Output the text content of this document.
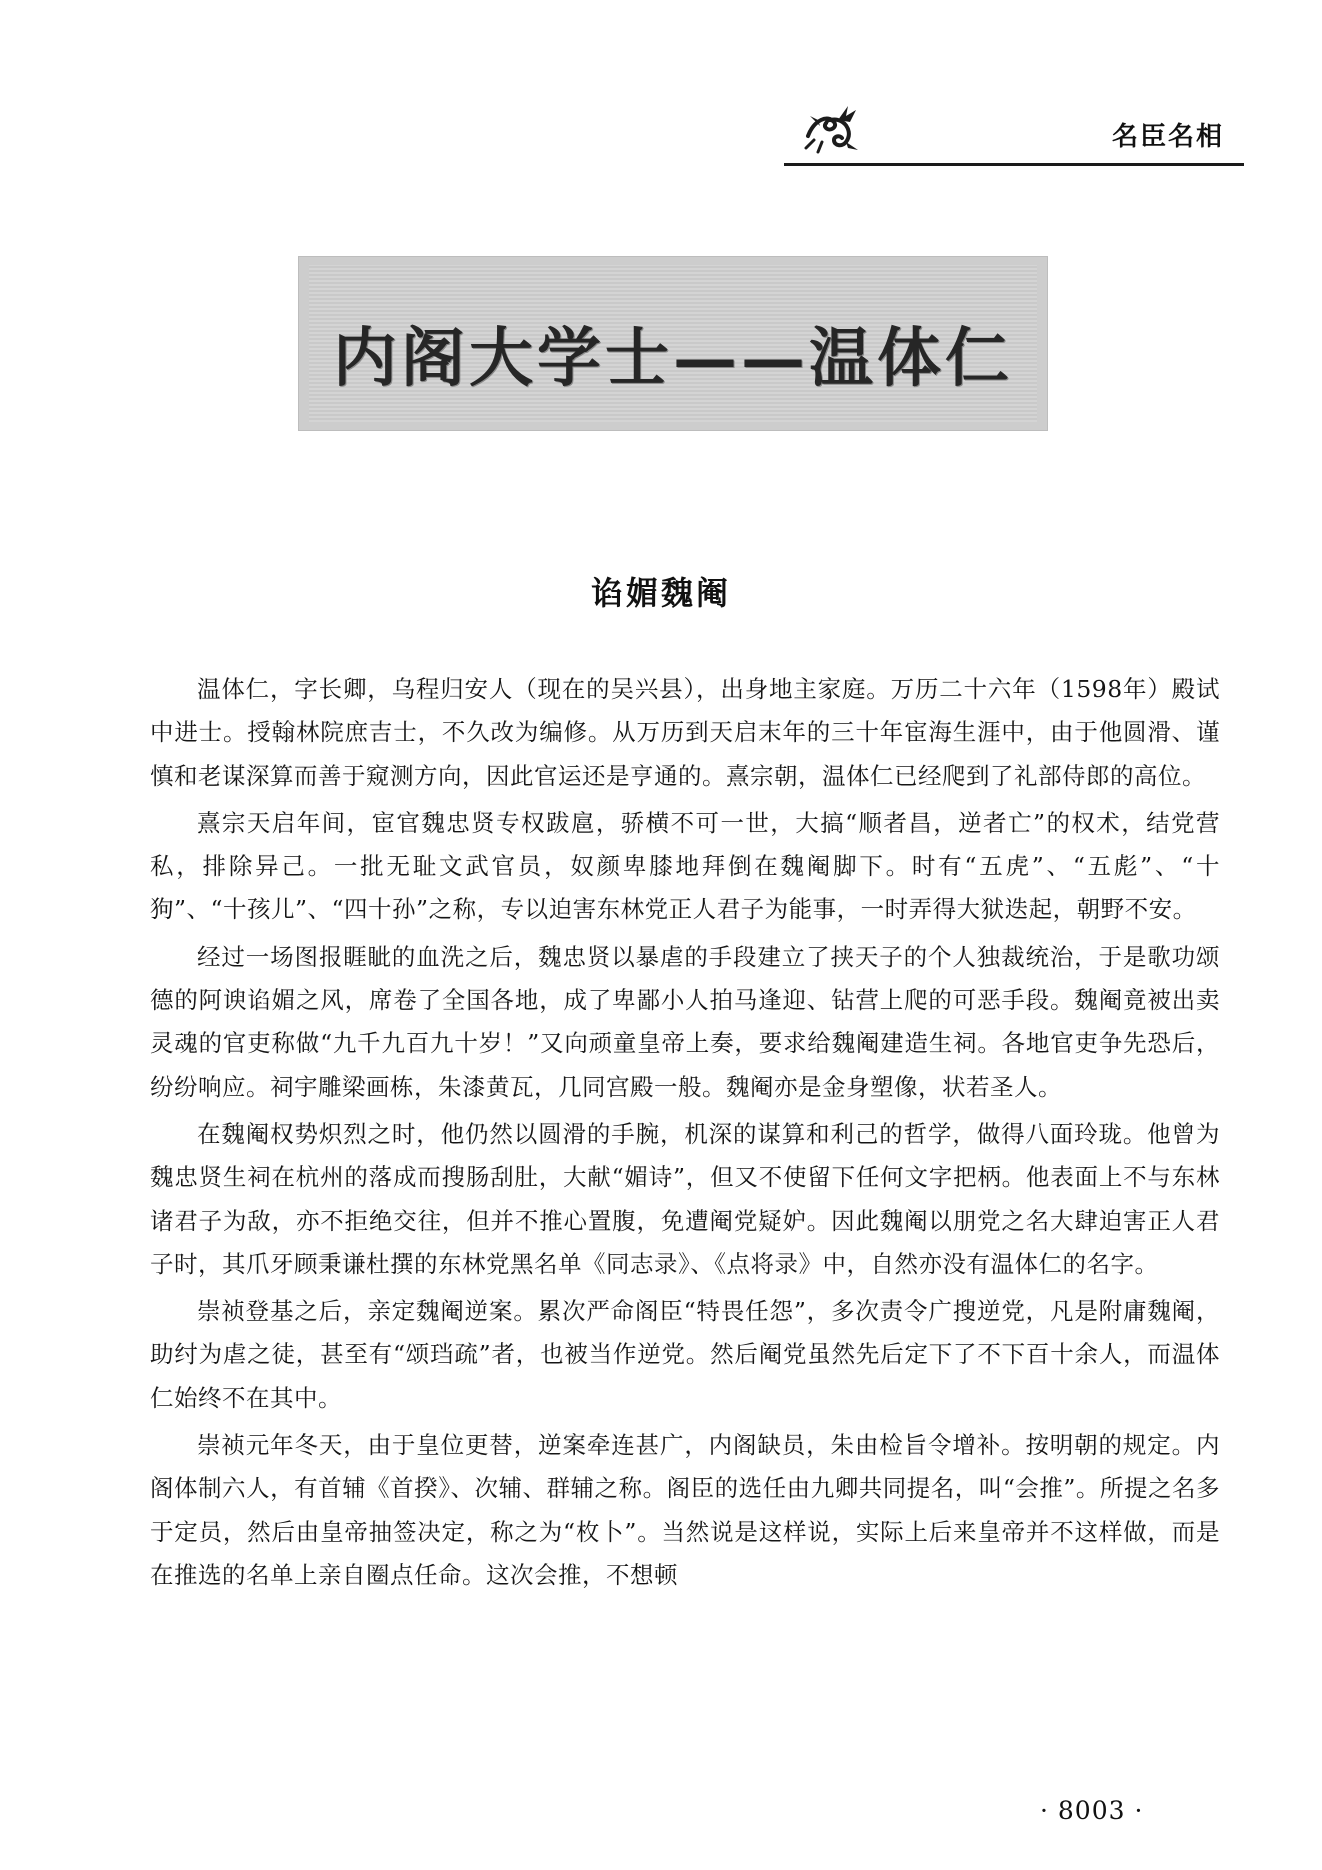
名臣名相
内阁大学士——温体仁
谄媚魏阉

温体仁，字长卿，乌程归安人（现在的吴兴县），出身地主家庭。万历二十六年（1598年）殿试中进士。授翰林院庶吉士，不久改为编修。从万历到天启末年的三十年宦海生涯中，由于他圆滑、谨慎和老谋深算而善于窥测方向，因此官运还是亨通的。熹宗朝，温体仁已经爬到了礼部侍郎的高位。

熹宗天启年间，宦官魏忠贤专权跋扈，骄横不可一世，大搞“顺者昌，逆者亡”的权术，结党营私，排除异己。一批无耻文武官员，奴颜卑膝地拜倒在魏阉脚下。时有“五虎”、“五彪”、“十狗”、“十孩儿”、“四十孙”之称，专以迫害东林党正人君子为能事，一时弄得大狱迭起，朝野不安。

经过一场图报睚眦的血洗之后，魏忠贤以暴虐的手段建立了挟天子的个人独裁统治，于是歌功颂德的阿谀谄媚之风，席卷了全国各地，成了卑鄙小人拍马逢迎、钻营上爬的可恶手段。魏阉竟被出卖灵魂的官吏称做“九千九百九十岁！”又向顽童皇帝上奏，要求给魏阉建造生祠。各地官吏争先恐后，纷纷响应。祠宇雕梁画栋，朱漆黄瓦，几同宫殿一般。魏阉亦是金身塑像，状若圣人。

在魏阉权势炽烈之时，他仍然以圆滑的手腕，机深的谋算和利己的哲学，做得八面玲珑。他曾为魏忠贤生祠在杭州的落成而搜肠刮肚，大献“媚诗”，但又不使留下任何文字把柄。他表面上不与东林诸君子为敌，亦不拒绝交往，但并不推心置腹，免遭阉党疑妒。因此魏阉以朋党之名大肆迫害正人君子时，其爪牙顾秉谦杜撰的东林党黑名单《同志录》、《点将录》中，自然亦没有温体仁的名字。

崇祯登基之后，亲定魏阉逆案。累次严命阁臣“特畏任怨”，多次责令广搜逆党，凡是附庸魏阉，助纣为虐之徒，甚至有“颂珰疏”者，也被当作逆党。然后阉党虽然先后定下了不下百十余人，而温体仁始终不在其中。

崇祯元年冬天，由于皇位更替，逆案牵连甚广，内阁缺员，朱由检旨令增补。按明朝的规定。内阁体制六人，有首辅《首揆》、次辅、群辅之称。阁臣的选任由九卿共同提名，叫“会推”。所提之名多于定员，然后由皇帝抽签决定，称之为“枚卜”。当然说是这样说，实际上后来皇帝并不这样做，而是在推选的名单上亲自圈点任命。这次会推，不想顿

· 8003 ·
